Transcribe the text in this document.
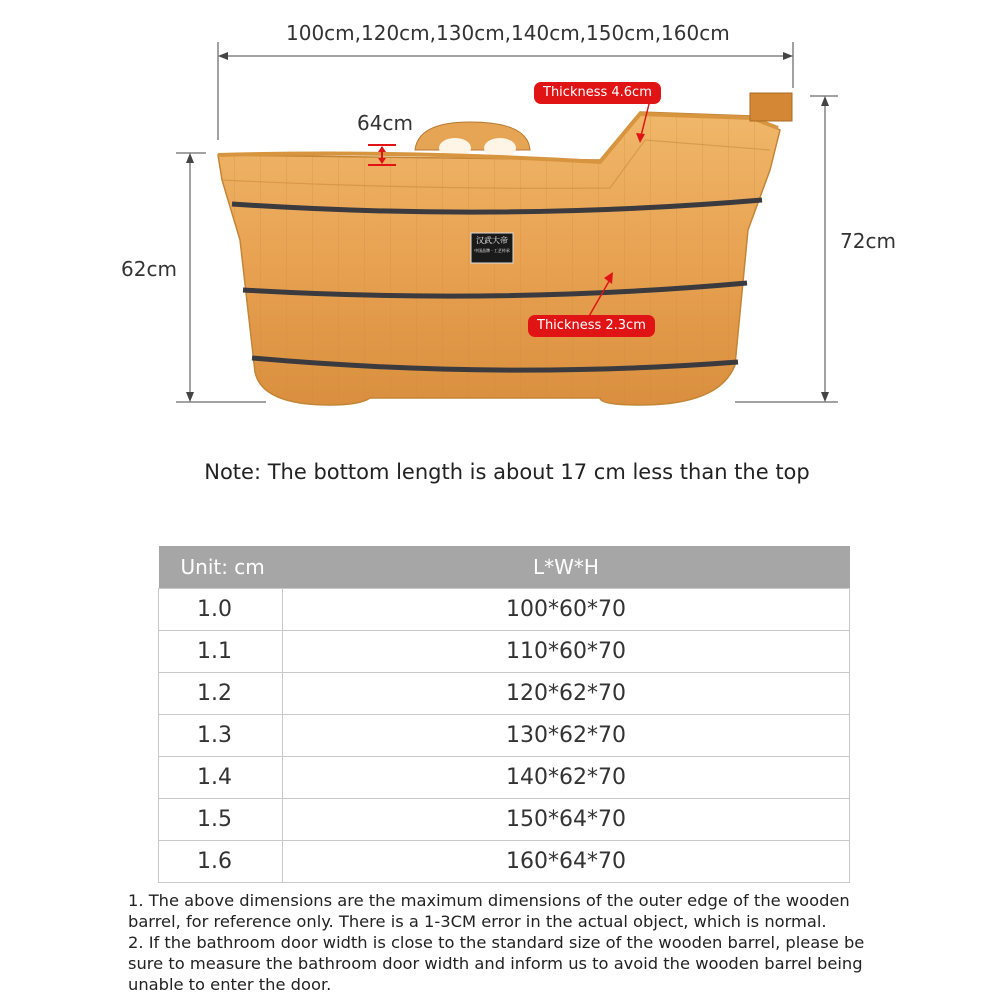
100cm,120cm,130cm,140cm,150cm,160cm
62cm
72cm
64cm
汉武大帝
中国品牌 · 工艺传承
Thickness 4.6cm
Thickness 2.3cm
Note: The bottom length is about 17 cm less than the top
Unit: cm	L*W*H
1.0	100*60*70
1.1	110*60*70
1.2	120*62*70
1.3	130*62*70
1.4	140*62*70
1.5	150*64*70
1.6	160*64*70

1. The above dimensions are the maximum dimensions of the outer edge of the wooden barrel, for reference only. There is a 1-3CM error in the actual object, which is normal.

2. If the bathroom door width is close to the standard size of the wooden barrel, please be sure to measure the bathroom door width and inform us to avoid the wooden barrel being unable to enter the door.
